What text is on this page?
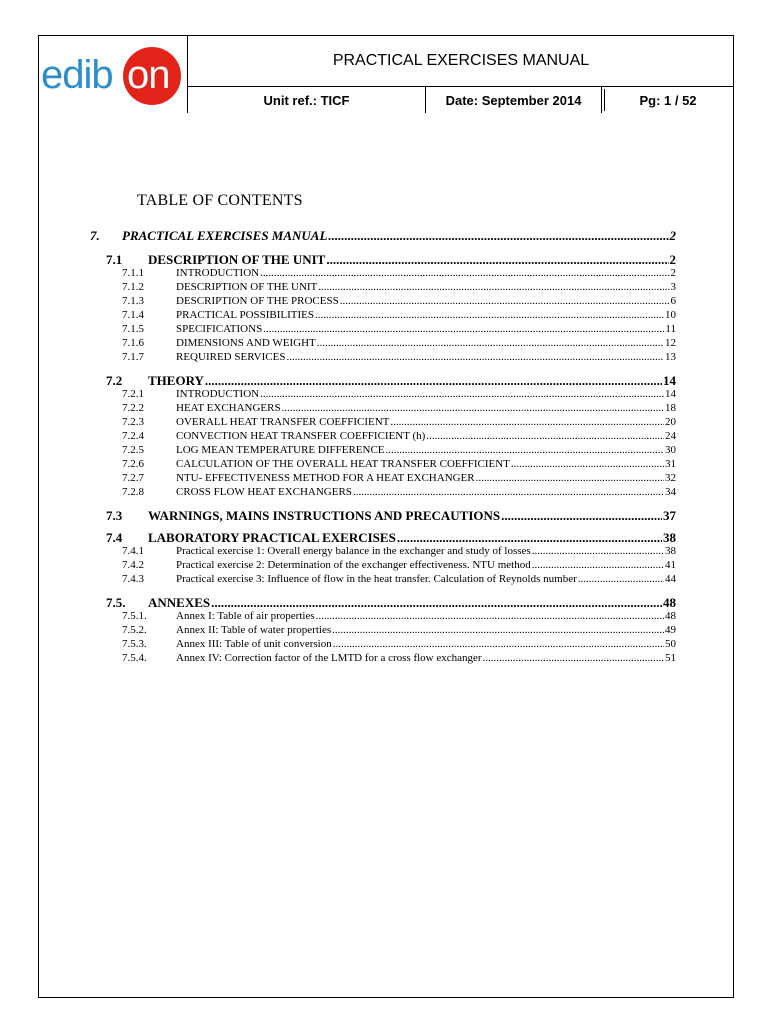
edib on	PRACTICAL EXERCISES MANUAL
Unit ref.: TICF	Date: September 2014	Pg: 1 / 52
TABLE OF CONTENTS
7.	PRACTICAL EXERCISES MANUAL .....	2
7.1	DESCRIPTION OF THE UNIT .....	2
7.1.1	INTRODUCTION .....	2
7.1.2	DESCRIPTION OF THE UNIT .....	3
7.1.3	DESCRIPTION OF THE PROCESS .....	6
7.1.4	PRACTICAL POSSIBILITIES .....	10
7.1.5	SPECIFICATIONS .....	11
7.1.6	DIMENSIONS AND WEIGHT .....	12
7.1.7	REQUIRED SERVICES .....	13
7.2	THEORY .....	14
7.2.1	INTRODUCTION .....	14
7.2.2	HEAT EXCHANGERS .....	18
7.2.3	OVERALL HEAT TRANSFER COEFFICIENT .....	20
7.2.4	CONVECTION HEAT TRANSFER COEFFICIENT (h) .....	24
7.2.5	LOG MEAN TEMPERATURE DIFFERENCE .....	30
7.2.6	CALCULATION OF THE OVERALL HEAT TRANSFER COEFFICIENT .....	31
7.2.7	NTU- EFFECTIVENESS METHOD FOR A HEAT EXCHANGER .....	32
7.2.8	CROSS FLOW HEAT EXCHANGERS .....	34
7.3	WARNINGS, MAINS INSTRUCTIONS AND PRECAUTIONS .....	37
7.4	LABORATORY PRACTICAL EXERCISES .....	38
7.4.1	Practical exercise 1: Overall energy balance in the exchanger and study of losses .....	38
7.4.2	Practical exercise 2: Determination of the exchanger effectiveness. NTU method .....	41
7.4.3	Practical exercise 3: Influence of flow in the heat transfer. Calculation of Reynolds number .....	44
7.5.	ANNEXES .....	48
7.5.1.	Annex I: Table of air properties .....	48
7.5.2.	Annex II: Table of water properties .....	49
7.5.3.	Annex III: Table of unit conversion .....	50
7.5.4.	Annex IV: Correction factor of the LMTD for a cross flow exchanger .....	51
